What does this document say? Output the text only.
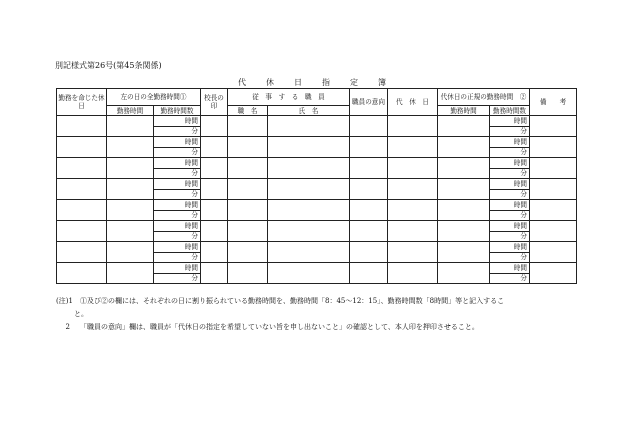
別記様式第26号(第45条関係)
代　休　日　指　定　簿
勤務を命じた休日	左の日の全勤務時間①		校長の印	従　事　す　る　職　員		職員の意向	代　休　日	代休日の正規の勤務時間　②		備　　考
	勤務時間	勤務時間数		職　名	氏　名			勤務時間	勤務時間数	
		時間							時間	
		分							分	
		時間							時間	
		分							分	
		時間							時間	
		分							分	
		時間							時間	
		分							分	
		時間							時間	
		分							分	
		時間							時間	
		分							分	
		時間							時間	
		分							分	
		時間							時間	
		分							分	
(注)1	①及び②の欄には、それぞれの日に割り振られている勤務時間を、勤務時間「8：45〜12：15」、勤務時間数「8時間」等と記入するこ
と。
2	「職員の意向」欄は、職員が「代休日の指定を希望していない旨を申し出ないこと」の確認として、本人印を押印させること。
